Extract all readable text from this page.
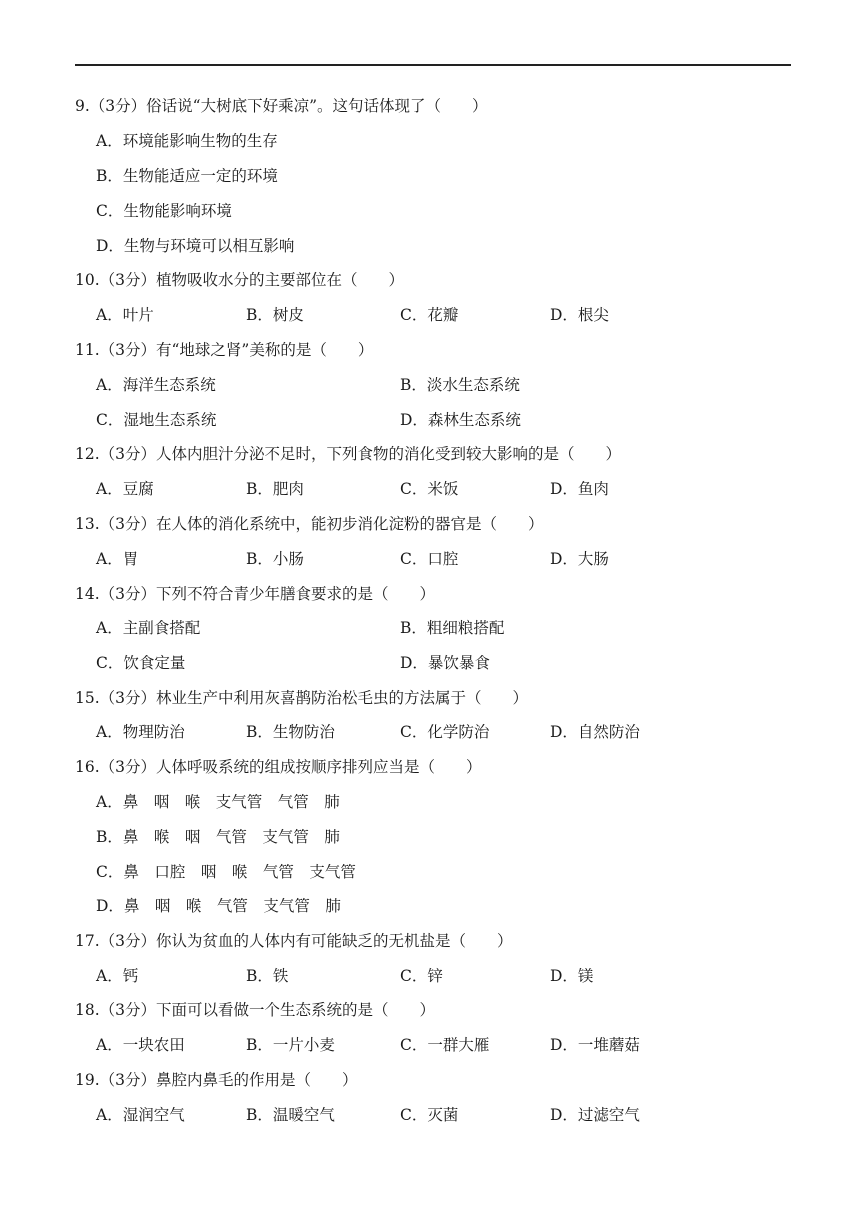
9.（3分）俗话说“大树底下好乘凉”。这句话体现了（　　）
A．环境能影响生物的生存
B．生物能适应一定的环境
C．生物能影响环境
D．生物与环境可以相互影响
10.（3分）植物吸收水分的主要部位在（　　）
A．叶片	B．树皮	C．花瓣	D．根尖
11.（3分）有“地球之肾”美称的是（　　）
A．海洋生态系统	B．淡水生态系统
C．湿地生态系统	D．森林生态系统
12.（3分）人体内胆汁分泌不足时，下列食物的消化受到较大影响的是（　　）
A．豆腐	B．肥肉	C．米饭	D．鱼肉
13.（3分）在人体的消化系统中，能初步消化淀粉的器官是（　　）
A．胃	B．小肠	C．口腔	D．大肠
14.（3分）下列不符合青少年膳食要求的是（　　）
A．主副食搭配	B．粗细粮搭配
C．饮食定量	D．暴饮暴食
15.（3分）林业生产中利用灰喜鹊防治松毛虫的方法属于（　　）
A．物理防治	B．生物防治	C．化学防治	D．自然防治
16.（3分）人体呼吸系统的组成按顺序排列应当是（　　）
A．鼻　咽　喉　支气管　气管　肺
B．鼻　喉　咽　气管　支气管　肺
C．鼻　口腔　咽　喉　气管　支气管
D．鼻　咽　喉　气管　支气管　肺
17.（3分）你认为贫血的人体内有可能缺乏的无机盐是（　　）
A．钙	B．铁	C．锌	D．镁
18.（3分）下面可以看做一个生态系统的是（　　）
A．一块农田	B．一片小麦	C．一群大雁	D．一堆蘑菇
19.（3分）鼻腔内鼻毛的作用是（　　）
A．湿润空气	B．温暖空气	C．灭菌	D．过滤空气
